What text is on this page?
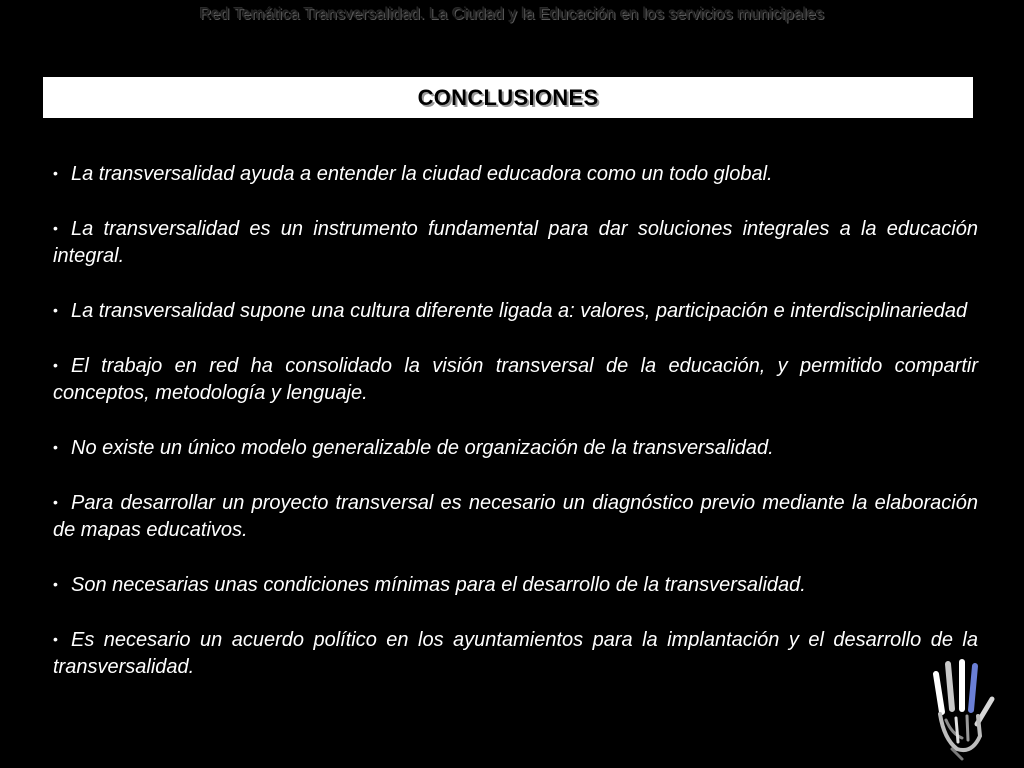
Red Temática Transversalidad. La Ciudad y la Educación en los servicios municipales
CONCLUSIONES

• La transversalidad ayuda a entender la ciudad educadora como un todo global.

• La transversalidad es un instrumento fundamental para dar soluciones integrales a la educación integral.

• La transversalidad supone una cultura diferente ligada a: valores, participación e interdisciplinariedad

• El trabajo en red ha consolidado la visión transversal de la educación, y permitido compartir conceptos, metodología y lenguaje.

• No existe un único modelo generalizable de organización de la transversalidad.

• Para desarrollar un proyecto transversal es necesario un diagnóstico previo mediante la elaboración de mapas educativos.

• Son necesarias unas condiciones mínimas para el desarrollo de la transversalidad.

• Es necesario un acuerdo político en los ayuntamientos para la implantación y el desarrollo de la transversalidad.
